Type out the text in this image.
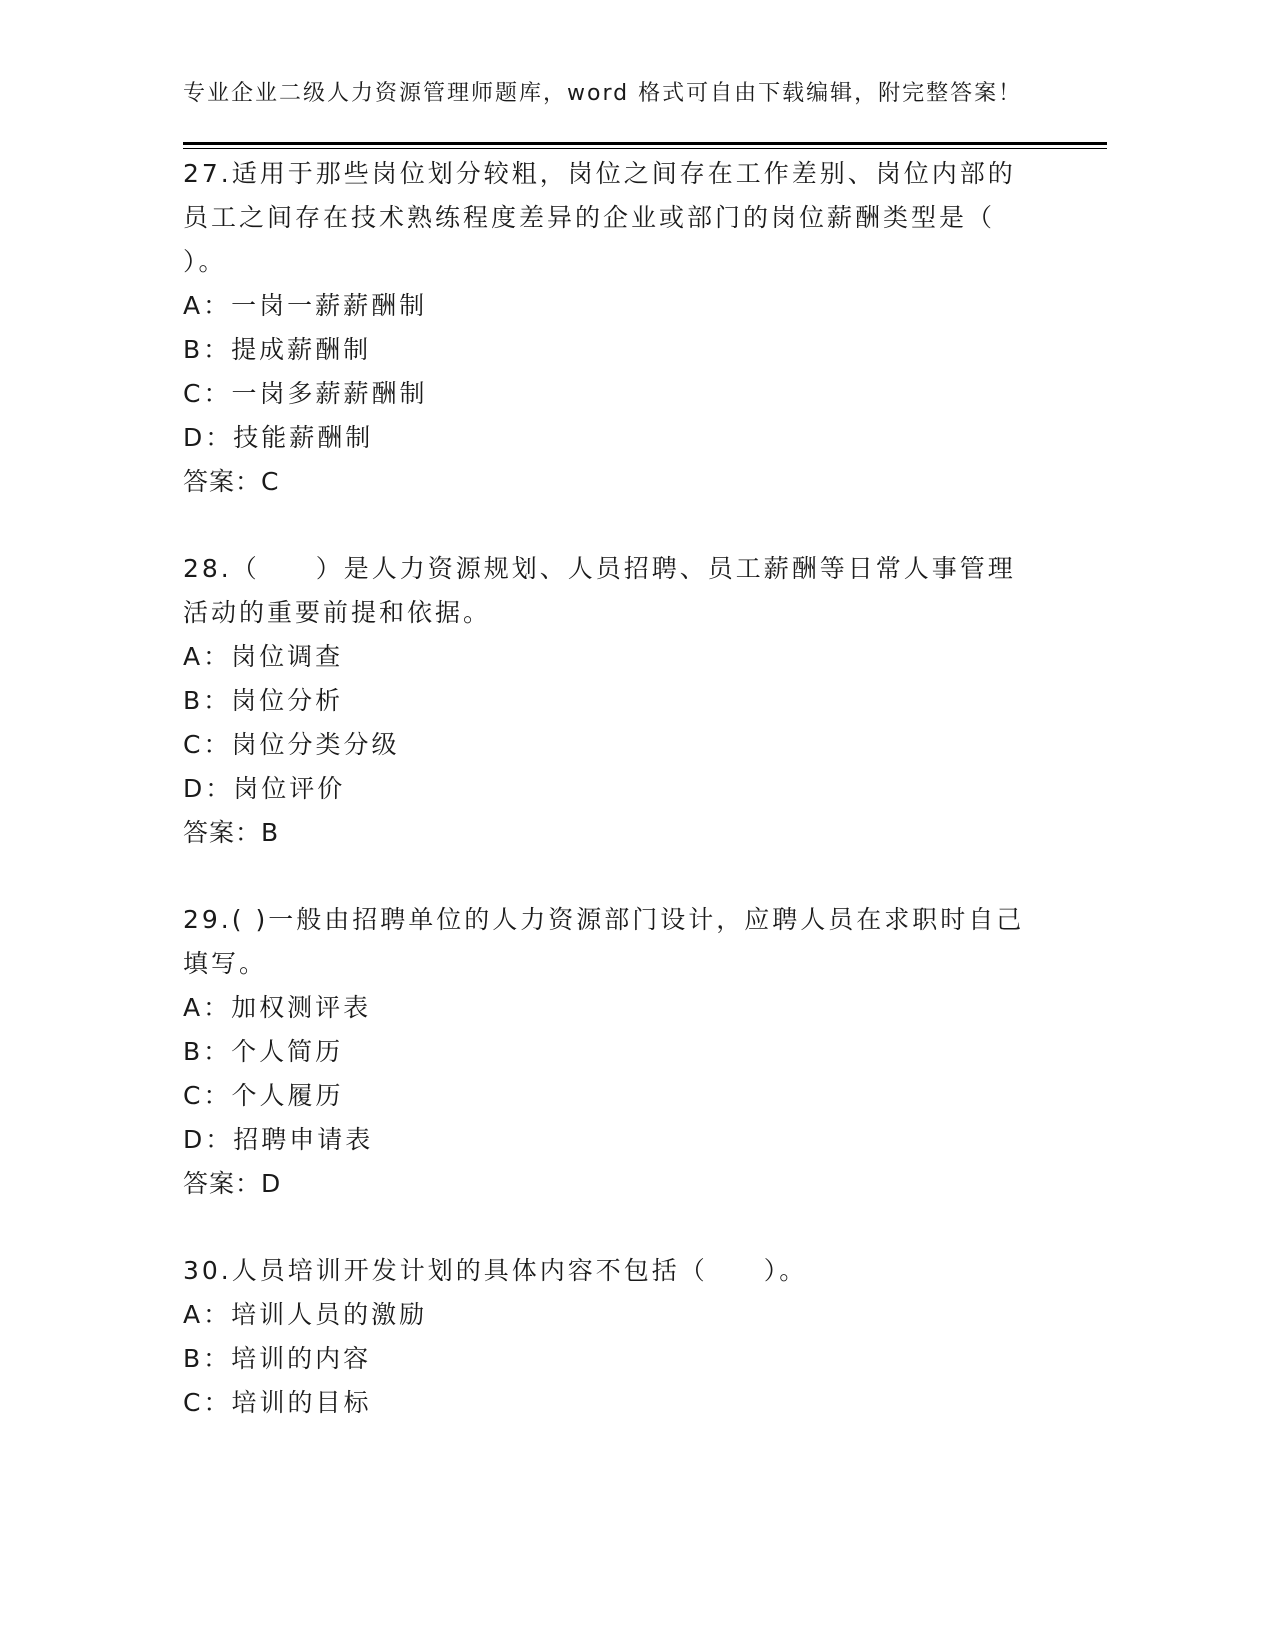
专业企业二级人力资源管理师题库，word 格式可自由下载编辑，附完整答案！

27.适用于那些岗位划分较粗，岗位之间存在工作差别、岗位内部的员工之间存在技术熟练程度差异的企业或部门的岗位薪酬类型是（ ）。

A：一岗一薪薪酬制

B：提成薪酬制

C：一岗多薪薪酬制

D：技能薪酬制

答案：C

28.（　　）是人力资源规划、人员招聘、员工薪酬等日常人事管理活动的重要前提和依据。

A：岗位调查

B：岗位分析

C：岗位分类分级

D：岗位评价

答案：B

29.( )一般由招聘单位的人力资源部门设计，应聘人员在求职时自己填写。

A：加权测评表

B：个人简历

C：个人履历

D：招聘申请表

答案：D

30.人员培训开发计划的具体内容不包括（　　）。

A：培训人员的激励

B：培训的内容

C：培训的目标
